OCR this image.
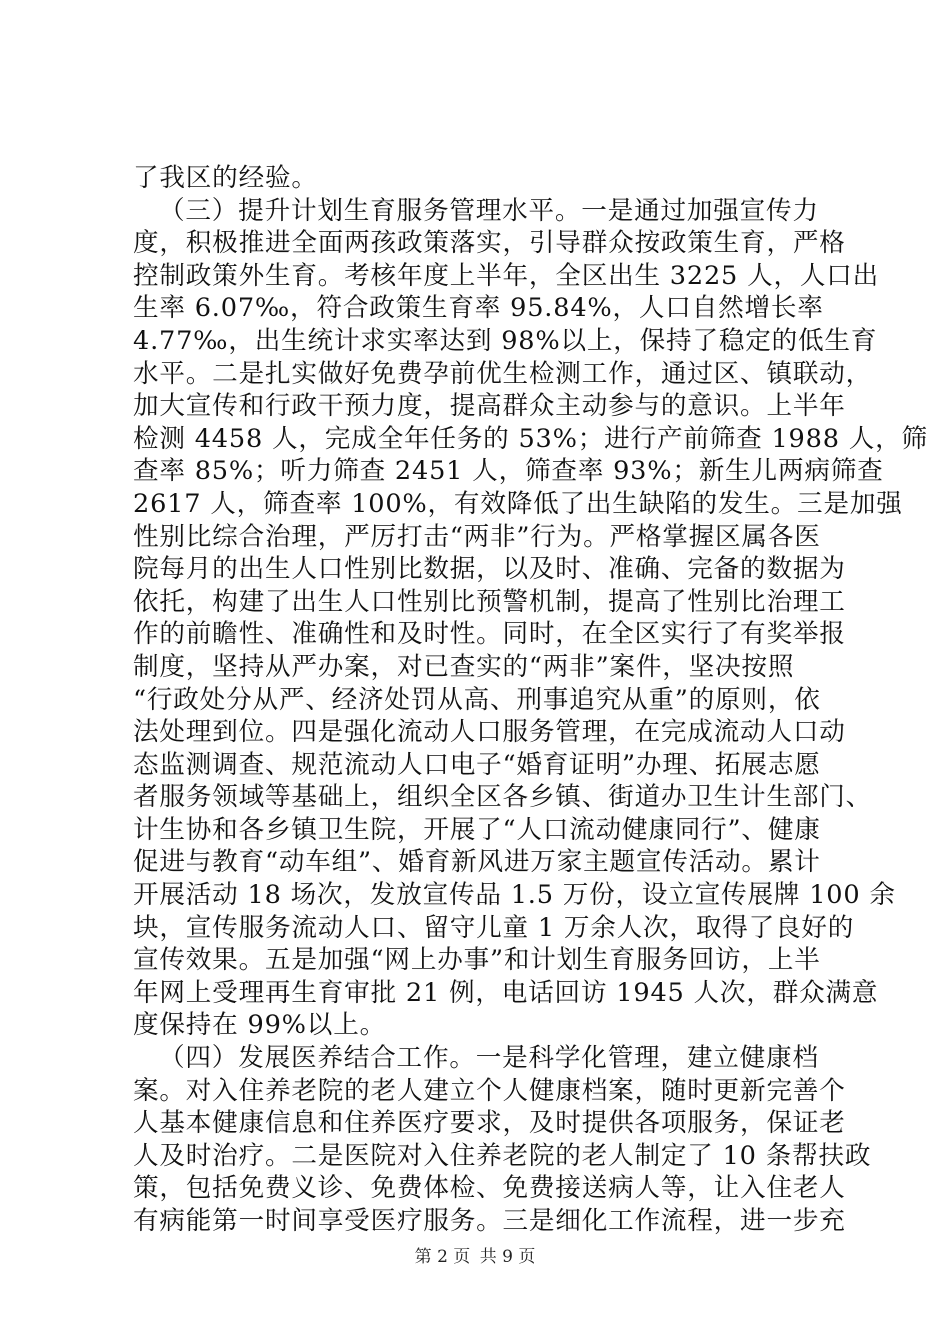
了我区的经验。
（三）提升计划生育服务管理水平。一是通过加强宣传力
度，积极推进全面两孩政策落实，引导群众按政策生育，严格
控制政策外生育。考核年度上半年，全区出生 3225 人，人口出
生率 6.07‰，符合政策生育率 95.84%，人口自然增长率
4.77‰，出生统计求实率达到 98%以上，保持了稳定的低生育
水平。二是扎实做好免费孕前优生检测工作，通过区、镇联动，
加大宣传和行政干预力度，提高群众主动参与的意识。上半年
检测 4458 人，完成全年任务的 53%；进行产前筛查 1988 人，筛
查率 85%；听力筛查 2451 人，筛查率 93%；新生儿两病筛查
2617 人，筛查率 100%，有效降低了出生缺陷的发生。三是加强
性别比综合治理，严厉打击“两非”行为。严格掌握区属各医
院每月的出生人口性别比数据，以及时、准确、完备的数据为
依托，构建了出生人口性别比预警机制，提高了性别比治理工
作的前瞻性、准确性和及时性。同时，在全区实行了有奖举报
制度，坚持从严办案，对已查实的“两非”案件，坚决按照
“行政处分从严、经济处罚从高、刑事追究从重”的原则，依
法处理到位。四是强化流动人口服务管理，在完成流动人口动
态监测调查、规范流动人口电子“婚育证明”办理、拓展志愿
者服务领域等基础上，组织全区各乡镇、街道办卫生计生部门、
计生协和各乡镇卫生院，开展了“人口流动健康同行”、健康
促进与教育“动车组”、婚育新风进万家主题宣传活动。累计
开展活动 18 场次，发放宣传品 1.5 万份，设立宣传展牌 100 余
块，宣传服务流动人口、留守儿童 1 万余人次，取得了良好的
宣传效果。五是加强“网上办事”和计划生育服务回访，上半
年网上受理再生育审批 21 例，电话回访 1945 人次，群众满意
度保持在 99%以上。
（四）发展医养结合工作。一是科学化管理，建立健康档
案。对入住养老院的老人建立个人健康档案，随时更新完善个
人基本健康信息和住养医疗要求，及时提供各项服务，保证老
人及时治疗。二是医院对入住养老院的老人制定了 10 条帮扶政
策，包括免费义诊、免费体检、免费接送病人等，让入住老人
有病能第一时间享受医疗服务。三是细化工作流程，进一步充
第 2 页 共 9 页
